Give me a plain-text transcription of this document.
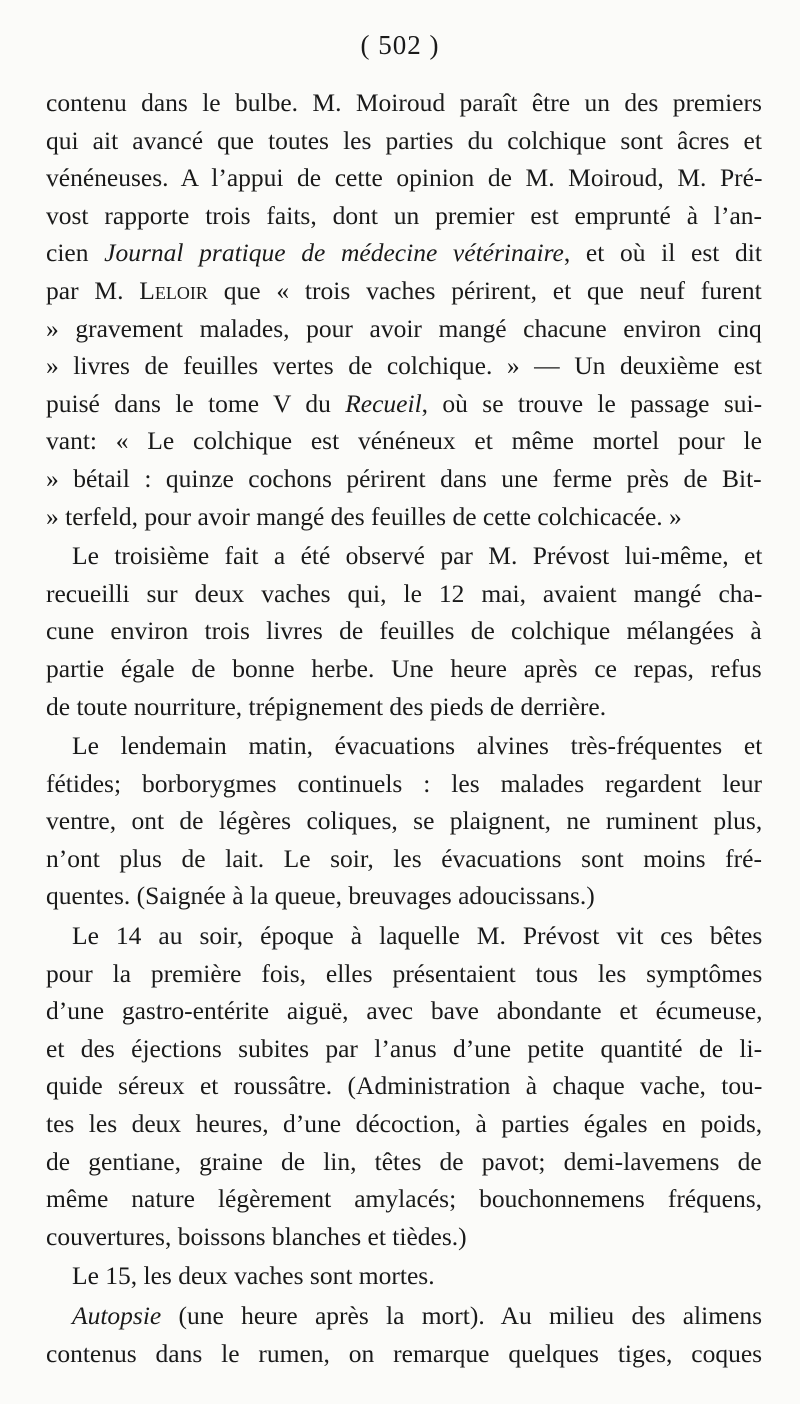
( 502 )
contenu dans le bulbe. M. Moiroud paraît être un des premiers
qui ait avancé que toutes les parties du colchique sont âcres et
vénéneuses. A l’appui de cette opinion de M. Moiroud, M. Pré-
vost rapporte trois faits, dont un premier est emprunté à l’an-
cien Journal pratique de médecine vétérinaire, et où il est dit
par M. Leloir que « trois vaches périrent, et que neuf furent
» gravement malades, pour avoir mangé chacune environ cinq
» livres de feuilles vertes de colchique. » — Un deuxième est
puisé dans le tome V du Recueil, où se trouve le passage sui-
vant: « Le colchique est vénéneux et même mortel pour le
» bétail : quinze cochons périrent dans une ferme près de Bit-
» terfeld, pour avoir mangé des feuilles de cette colchicacée. »
Le troisième fait a été observé par M. Prévost lui-même, et
recueilli sur deux vaches qui, le 12 mai, avaient mangé cha-
cune environ trois livres de feuilles de colchique mélangées à
partie égale de bonne herbe. Une heure après ce repas, refus
de toute nourriture, trépignement des pieds de derrière.
Le lendemain matin, évacuations alvines très-fréquentes et
fétides; borborygmes continuels : les malades regardent leur
ventre, ont de légères coliques, se plaignent, ne ruminent plus,
n’ont plus de lait. Le soir, les évacuations sont moins fré-
quentes. (Saignée à la queue, breuvages adoucissans.)
Le 14 au soir, époque à laquelle M. Prévost vit ces bêtes
pour la première fois, elles présentaient tous les symptômes
d’une gastro-entérite aiguë, avec bave abondante et écumeuse,
et des éjections subites par l’anus d’une petite quantité de li-
quide séreux et roussâtre. (Administration à chaque vache, tou-
tes les deux heures, d’une décoction, à parties égales en poids,
de gentiane, graine de lin, têtes de pavot; demi-lavemens de
même nature légèrement amylacés; bouchonnemens fréquens,
couvertures, boissons blanches et tièdes.)
Le 15, les deux vaches sont mortes.
Autopsie (une heure après la mort). Au milieu des alimens
contenus dans le rumen, on remarque quelques tiges, coques
